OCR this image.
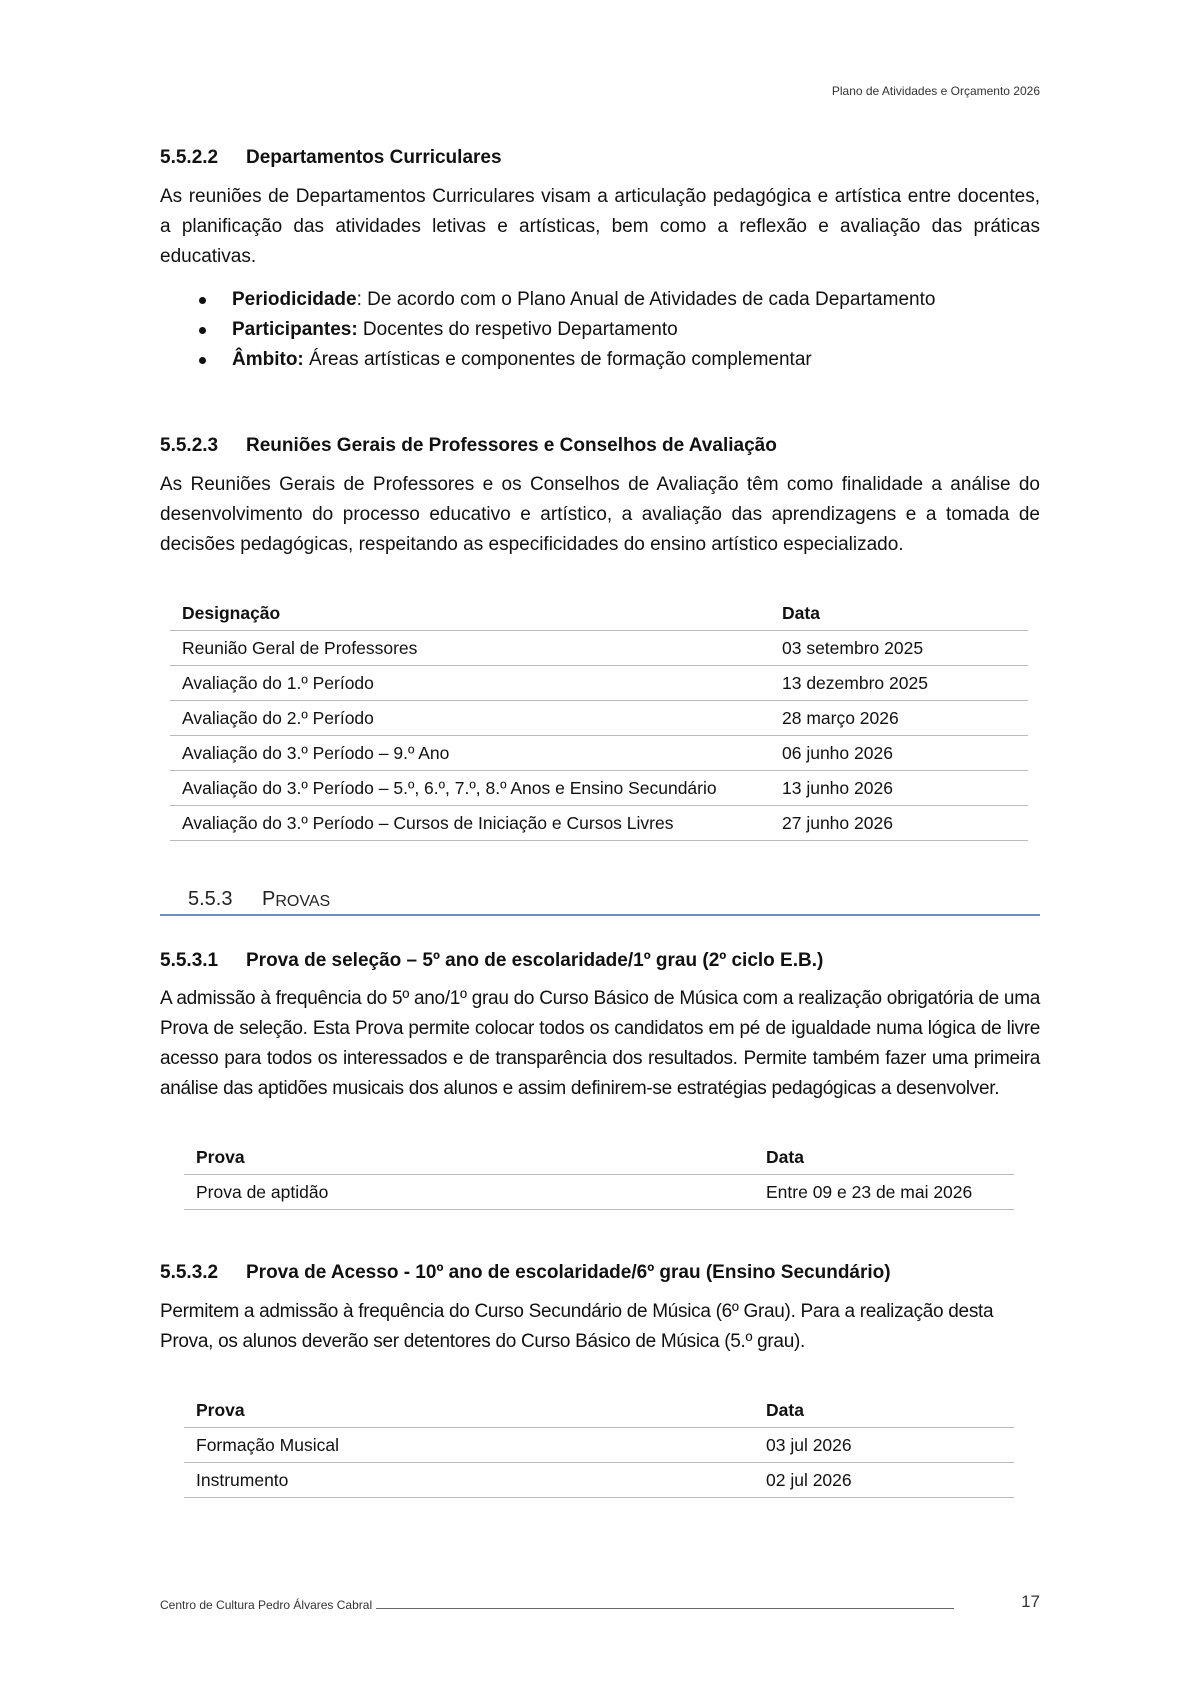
Plano de Atividades e Orçamento 2026
5.5.2.2	Departamentos Curriculares

As reuniões de Departamentos Curriculares visam a articulação pedagógica e artística entre docentes, a planificação das atividades letivas e artísticas, bem como a reflexão e avaliação das práticas educativas.

Periodicidade: De acordo com o Plano Anual de Atividades de cada Departamento
Participantes: Docentes do respetivo Departamento
Âmbito: Áreas artísticas e componentes de formação complementar
5.5.2.3	Reuniões Gerais de Professores e Conselhos de Avaliação

As Reuniões Gerais de Professores e os Conselhos de Avaliação têm como finalidade a análise do desenvolvimento do processo educativo e artístico, a avaliação das aprendizagens e a tomada de decisões pedagógicas, respeitando as especificidades do ensino artístico especializado.

Designação	Data
Reunião Geral de Professores	03 setembro 2025
Avaliação do 1.º Período	13 dezembro 2025
Avaliação do 2.º Período	28 março 2026
Avaliação do 3.º Período – 9.º Ano	06 junho 2026
Avaliação do 3.º Período – 5.º, 6.º, 7.º, 8.º Anos e Ensino Secundário	13 junho 2026
Avaliação do 3.º Período – Cursos de Iniciação e Cursos Livres	27 junho 2026
5.5.3	P ROVAS
5.5.3.1	Prova de seleção – 5º ano de escolaridade/1º grau (2º ciclo E.B.)

A admissão à frequência do 5º ano/1º grau do Curso Básico de Música com a realização obrigatória de uma Prova de seleção. Esta Prova permite colocar todos os candidatos em pé de igualdade numa lógica de livre acesso para todos os interessados e de transparência dos resultados. Permite também fazer uma primeira análise das aptidões musicais dos alunos e assim definirem-se estratégias pedagógicas a desenvolver.

Prova	Data
Prova de aptidão	Entre 09 e 23 de mai 2026
5.5.3.2	Prova de Acesso - 10º ano de escolaridade/6º grau (Ensino Secundário)

Permitem a admissão à frequência do Curso Secundário de Música (6º Grau). Para a realização desta Prova, os alunos deverão ser detentores do Curso Básico de Música (5.º grau).

Prova	Data
Formação Musical	03 jul 2026
Instrumento	02 jul 2026
Centro de Cultura Pedro Álvares Cabral	17
